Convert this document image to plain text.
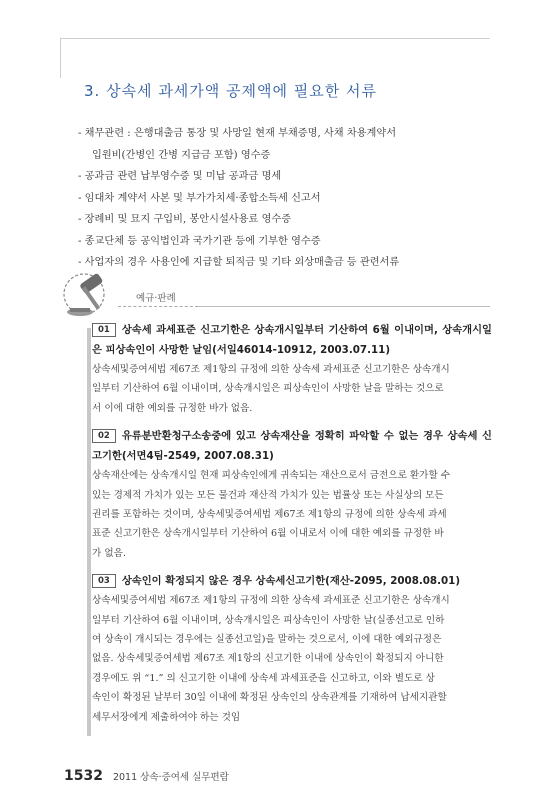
3. 상속세 과세가액 공제액에 필요한 서류
- 채무관련 : 은행대출금 통장 및 사망일 현재 부채증명, 사채 차용계약서
입원비(간병인 간병 지급금 포함) 영수증
- 공과금 관련 납부영수증 및 미납 공과금 명세
- 임대차 계약서 사본 및 부가가치세·종합소득세 신고서
- 장례비 및 묘지 구입비, 봉안시설사용료 영수증
- 종교단체 등 공익법인과 국가기관 등에 기부한 영수증
- 사업자의 경우 사용인에 지급할 퇴직금 및 기타 외상매출금 등 관련서류
예규·판례
01 상속세 과세표준 신고기한은 상속개시일부터 기산하여 6월 이내이며, 상속개시일은 피상속인이 사망한 날임(서일46014-10912, 2003.07.11)
상속세및증여세법 제67조 제1항의 규정에 의한 상속세 과세표준 신고기한은 상속개시
일부터 기산하여 6월 이내이며, 상속개시일은 피상속인이 사망한 날을 말하는 것으로
서 이에 대한 예외를 규정한 바가 없음.
02 유류분반환청구소송중에 있고 상속재산을 정확히 파악할 수 없는 경우 상속세 신고기한(서면4팀-2549, 2007.08.31)
상속재산에는 상속개시일 현재 피상속인에게 귀속되는 재산으로서 금전으로 환가할 수
있는 경제적 가치가 있는 모든 물건과 재산적 가치가 있는 법률상 또는 사실상의 모든
권리를 포함하는 것이며, 상속세및증여세법 제67조 제1항의 규정에 의한 상속세 과세
표준 신고기한은 상속개시일부터 기산하여 6월 이내로서 이에 대한 예외를 규정한 바
가 없음.
03 상속인이 확정되지 않은 경우 상속세신고기한(재산-2095, 2008.08.01)
상속세및증여세법 제67조 제1항의 규정에 의한 상속세 과세표준 신고기한은 상속개시
일부터 기산하여 6월 이내이며, 상속개시일은 피상속인이 사망한 날(실종선고로 인하
여 상속이 개시되는 경우에는 실종선고일)을 말하는 것으로서, 이에 대한 예외규정은
없음. 상속세및증여세법 제67조 제1항의 신고기한 이내에 상속인이 확정되지 아니한
경우에도 위 “1.” 의 신고기한 이내에 상속세 과세표준을 신고하고, 이와 별도로 상
속인이 확정된 날부터 30일 이내에 확정된 상속인의 상속관계를 기재하여 납세지관할
세무서장에게 제출하여야 하는 것임
1532 2011 상속·증여세 실무편람
